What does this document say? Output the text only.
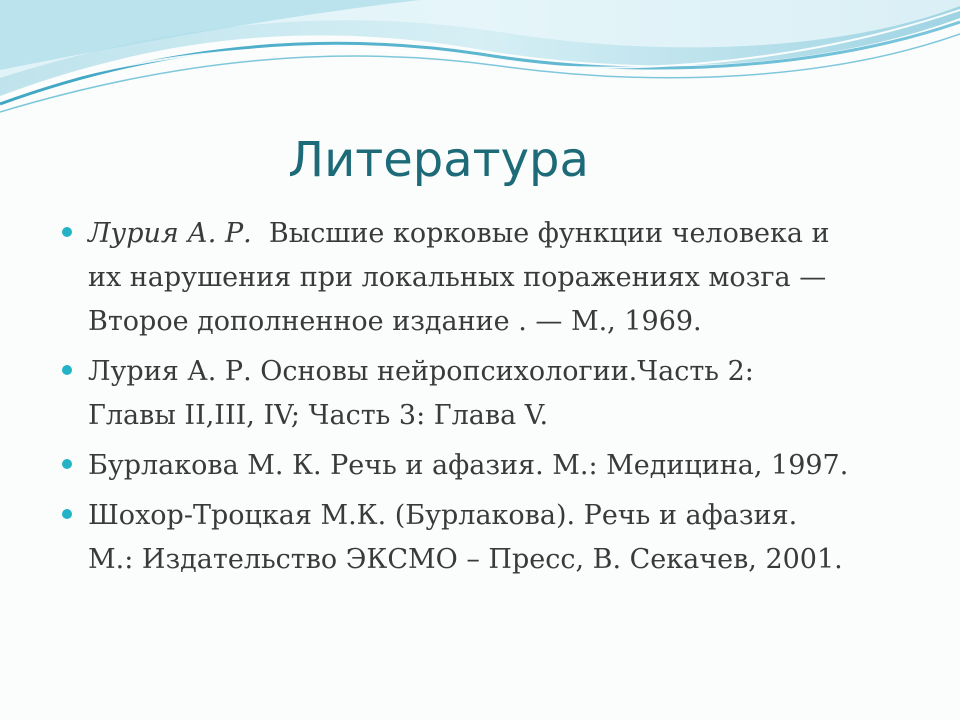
Литература
Лурия А. Р. Высшие корковые функции человека и
их нарушения при локальных поражениях мозга —
Второе дополненное издание . — М., 1969.
Лурия А. Р. Основы нейропсихологии.Часть 2:
Главы II,III, IV; Часть 3: Глава V.
Бурлакова М. К. Речь и афазия. М.: Медицина, 1997.
Шохор-Троцкая М.К. (Бурлакова). Речь и афазия.
М.: Издательство ЭКСМО – Пресс, В. Секачев, 2001.
